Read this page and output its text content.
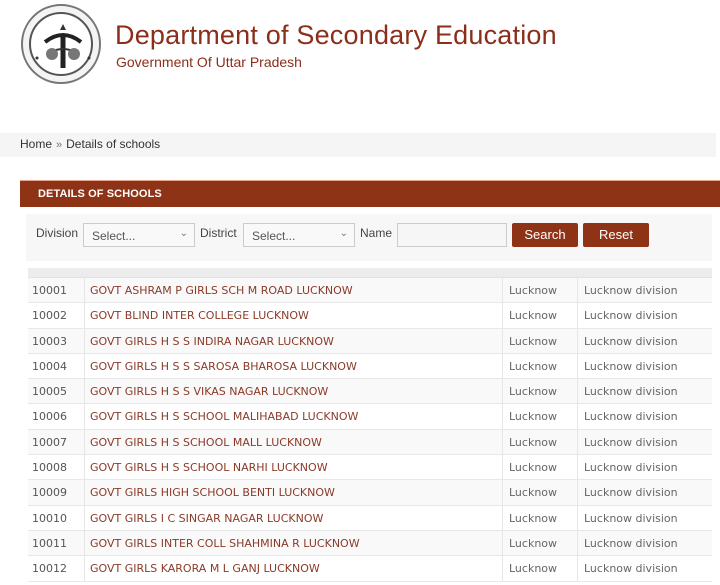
Department of Secondary Education
Government Of Uttar Pradesh
Home » Details of schools
DETAILS OF SCHOOLS
Division	Select...	⌄ District	Select...	⌄ Name	Search	Reset
10001	GOVT ASHRAM P GIRLS SCH M ROAD LUCKNOW	Lucknow	Lucknow division
10002	GOVT BLIND INTER COLLEGE LUCKNOW	Lucknow	Lucknow division
10003	GOVT GIRLS H S S INDIRA NAGAR LUCKNOW	Lucknow	Lucknow division
10004	GOVT GIRLS H S S SAROSA BHAROSA LUCKNOW	Lucknow	Lucknow division
10005	GOVT GIRLS H S S VIKAS NAGAR LUCKNOW	Lucknow	Lucknow division
10006	GOVT GIRLS H S SCHOOL MALIHABAD LUCKNOW	Lucknow	Lucknow division
10007	GOVT GIRLS H S SCHOOL MALL LUCKNOW	Lucknow	Lucknow division
10008	GOVT GIRLS H S SCHOOL NARHI LUCKNOW	Lucknow	Lucknow division
10009	GOVT GIRLS HIGH SCHOOL BENTI LUCKNOW	Lucknow	Lucknow division
10010	GOVT GIRLS I C SINGAR NAGAR LUCKNOW	Lucknow	Lucknow division
10011	GOVT GIRLS INTER COLL SHAHMINA R LUCKNOW	Lucknow	Lucknow division
10012	GOVT GIRLS KARORA M L GANJ LUCKNOW	Lucknow	Lucknow division
